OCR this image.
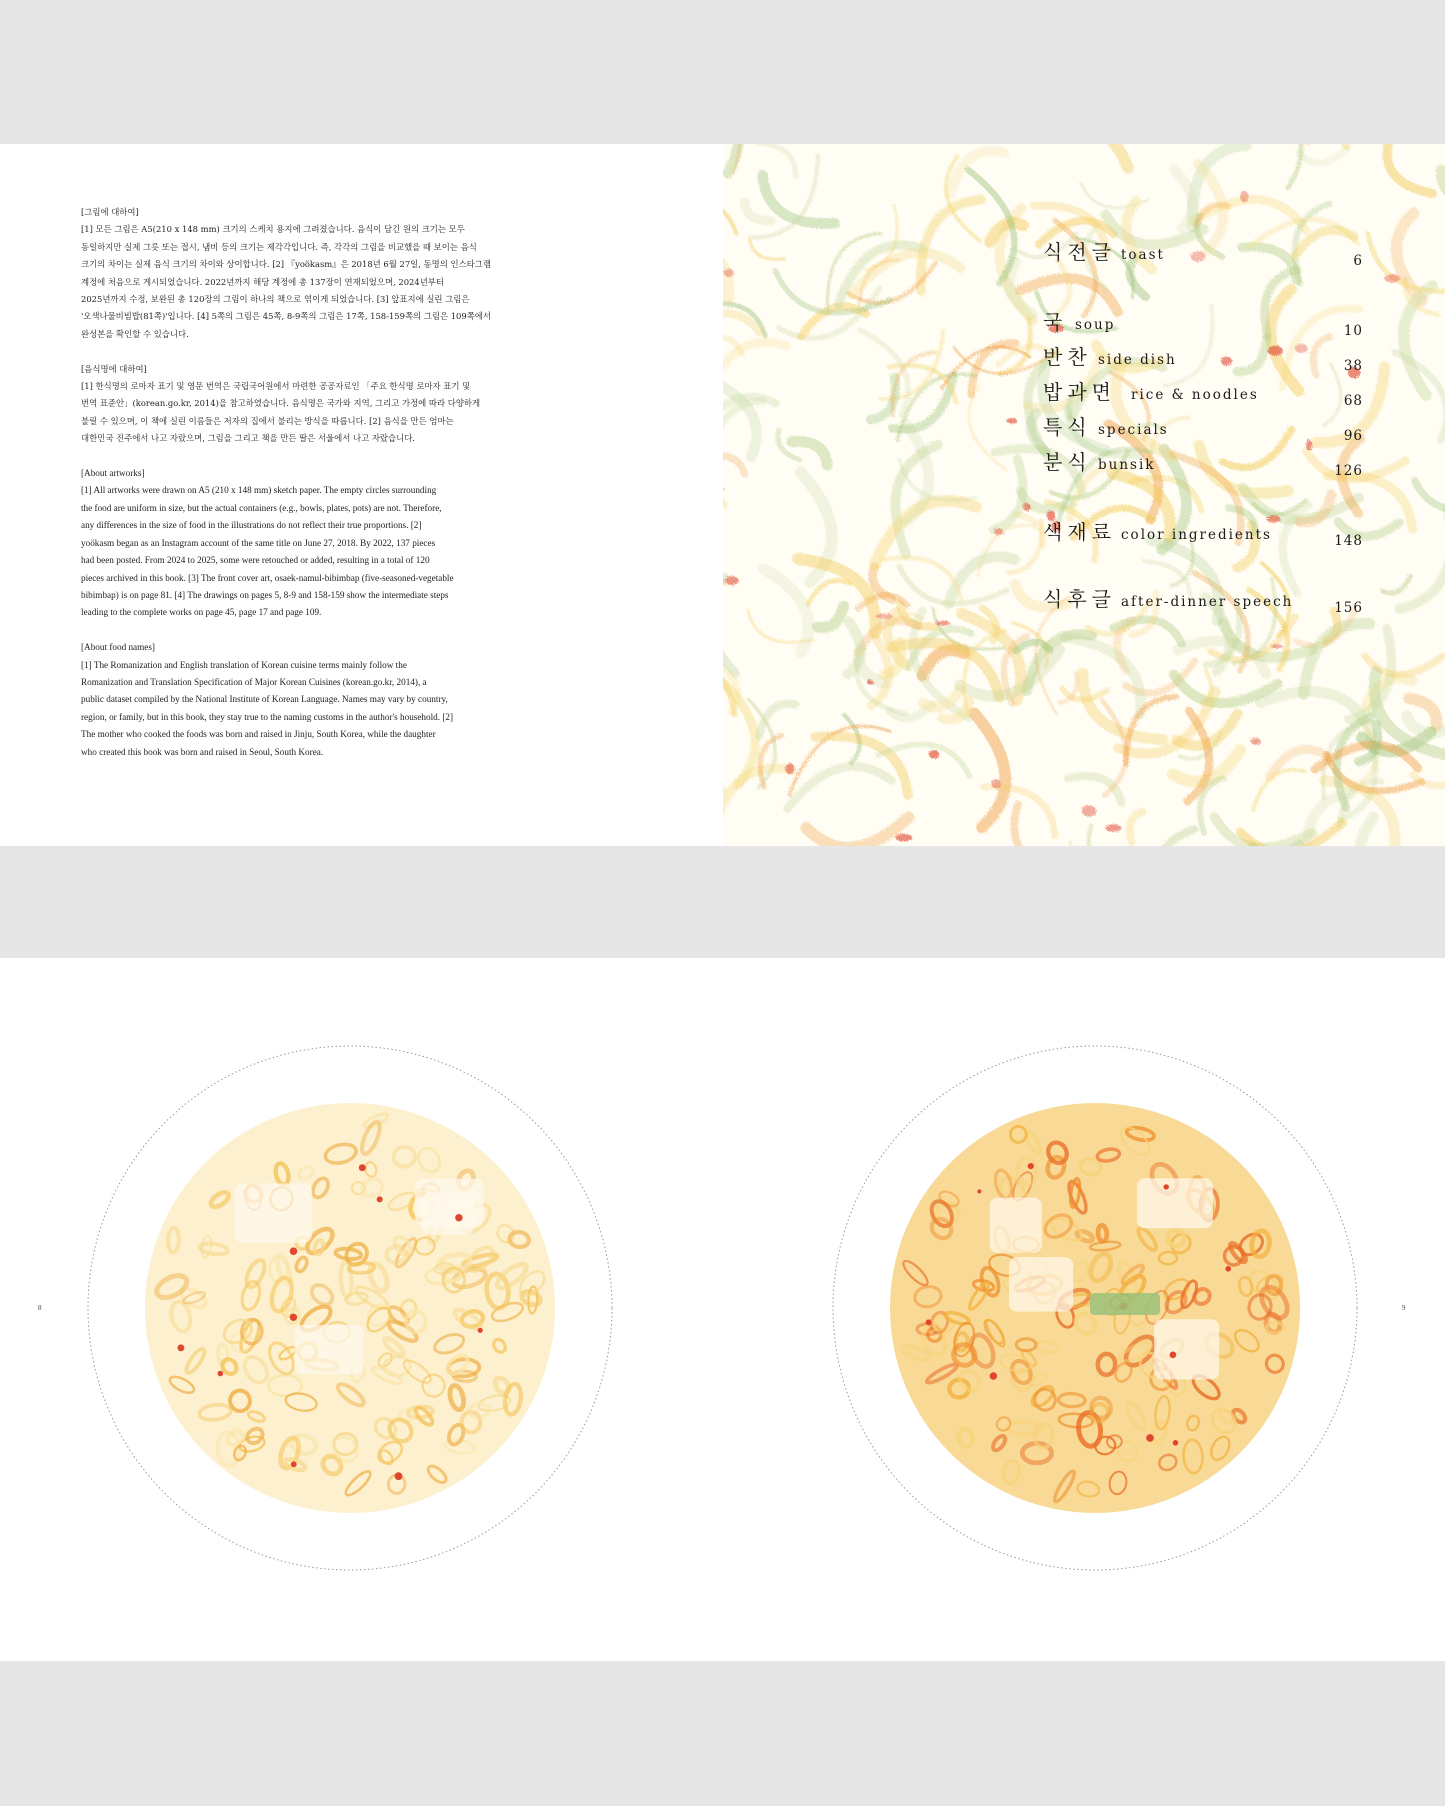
[그림에 대하여]

[1] 모든 그림은 A5(210 x 148 mm) 크기의 스케치 용지에 그려졌습니다. 음식이 담긴 원의 크기는 모두

동일하지만 실제 그릇 또는 접시, 냄비 등의 크기는 제각각입니다. 즉, 각각의 그림을 비교했을 때 보이는 음식

크기의 차이는 실제 음식 크기의 차이와 상이합니다. [2] 『yoökasm』은 2018년 6월 27일, 동명의 인스타그램

계정에 처음으로 게시되었습니다. 2022년까지 해당 계정에 총 137장이 연재되었으며, 2024년부터

2025년까지 수정, 보완된 총 120장의 그림이 하나의 책으로 엮이게 되었습니다. [3] 앞표지에 실린 그림은

'오색나물비빔밥(81쪽)'입니다. [4] 5쪽의 그림은 45쪽, 8-9쪽의 그림은 17쪽, 158-159쪽의 그림은 109쪽에서

완성본을 확인할 수 있습니다.

[음식명에 대하여]

[1] 한식명의 로마자 표기 및 영문 번역은 국립국어원에서 마련한 공공자료인 「주요 한식명 로마자 표기 및

번역 표준안」(korean.go.kr, 2014)을 참고하였습니다. 음식명은 국가와 지역, 그리고 가정에 따라 다양하게

불릴 수 있으며, 이 책에 실린 이름들은 저자의 집에서 불리는 방식을 따릅니다. [2] 음식을 만든 엄마는

대한민국 진주에서 나고 자랐으며, 그림을 그리고 책을 만든 딸은 서울에서 나고 자랐습니다.

[About artworks]

[1] All artworks were drawn on A5 (210 x 148 mm) sketch paper. The empty circles surrounding

the food are uniform in size, but the actual containers (e.g., bowls, plates, pots) are not. Therefore,

any differences in the size of food in the illustrations do not reflect their true proportions. [2]

yoökasm began as an Instagram account of the same title on June 27, 2018. By 2022, 137 pieces

had been posted. From 2024 to 2025, some were retouched or added, resulting in a total of 120

pieces archived in this book. [3] The front cover art, osaek-namul-bibimbap (five-seasoned-vegetable

bibimbap) is on page 81. [4] The drawings on pages 5, 8-9 and 158-159 show the intermediate steps

leading to the complete works on page 45, page 17 and page 109.

[About food names]

[1] The Romanization and English translation of Korean cuisine terms mainly follow the

Romanization and Translation Specification of Major Korean Cuisines (korean.go.kr, 2014), a

public dataset compiled by the National Institute of Korean Language. Names may vary by country,

region, or family, but in this book, they stay true to the naming customs in the author's household. [2]

The mother who cooked the foods was born and raised in Jinju, South Korea, while the daughter

who created this book was born and raised in Seoul, South Korea.

식전글 toast	6
국 soup	10
반찬 side dish	38
밥과면 rice & noodles	68
특식 specials	96
분식 bunsik	126
색재료 color ingredients	148
식후글 after-dinner speech	156
8	9
